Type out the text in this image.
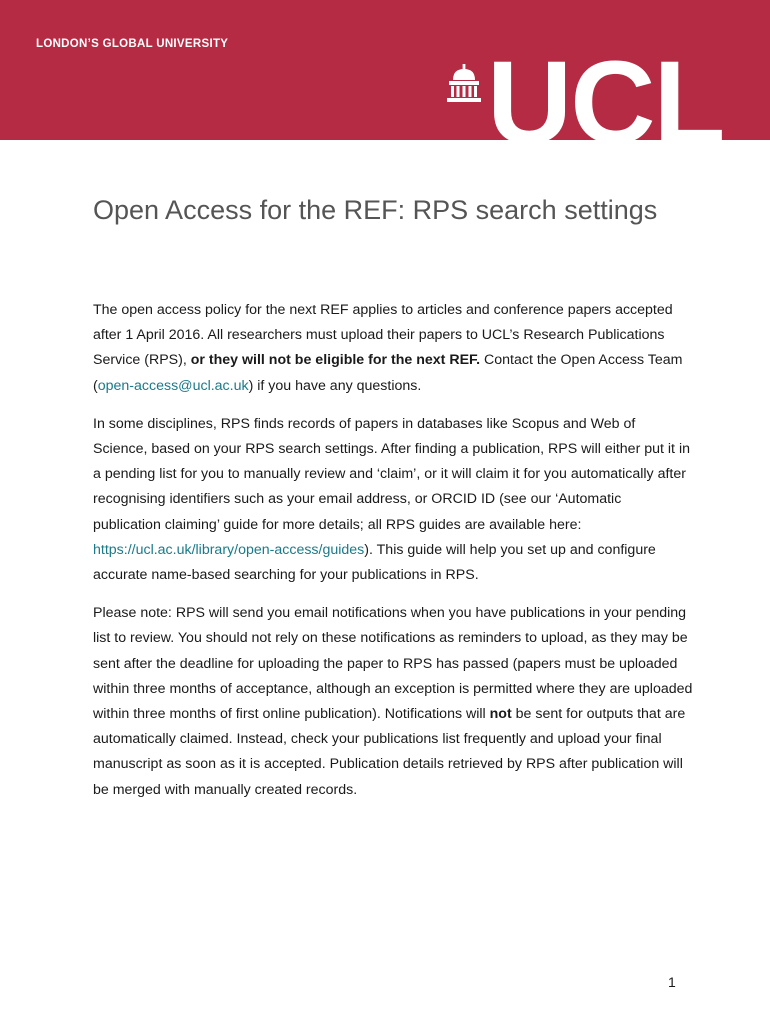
LONDON’S GLOBAL UNIVERSITY UCL
Open Access for the REF: RPS search settings

The open access policy for the next REF applies to articles and conference papers accepted after 1 April 2016. All researchers must upload their papers to UCL’s Research Publications Service (RPS), or they will not be eligible for the next REF. Contact the Open Access Team (open-access@ucl.ac.uk) if you have any questions.

In some disciplines, RPS finds records of papers in databases like Scopus and Web of Science, based on your RPS search settings. After finding a publication, RPS will either put it in a pending list for you to manually review and ‘claim’, or it will claim it for you automatically after recognising identifiers such as your email address, or ORCID ID (see our ‘Automatic publication claiming’ guide for more details; all RPS guides are available here: https://ucl.ac.uk/library/open-access/guides). This guide will help you set up and configure accurate name-based searching for your publications in RPS.

Please note: RPS will send you email notifications when you have publications in your pending list to review. You should not rely on these notifications as reminders to upload, as they may be sent after the deadline for uploading the paper to RPS has passed (papers must be uploaded within three months of acceptance, although an exception is permitted where they are uploaded within three months of first online publication). Notifications will not be sent for outputs that are automatically claimed. Instead, check your publications list frequently and upload your final manuscript as soon as it is accepted. Publication details retrieved by RPS after publication will be merged with manually created records.

1
